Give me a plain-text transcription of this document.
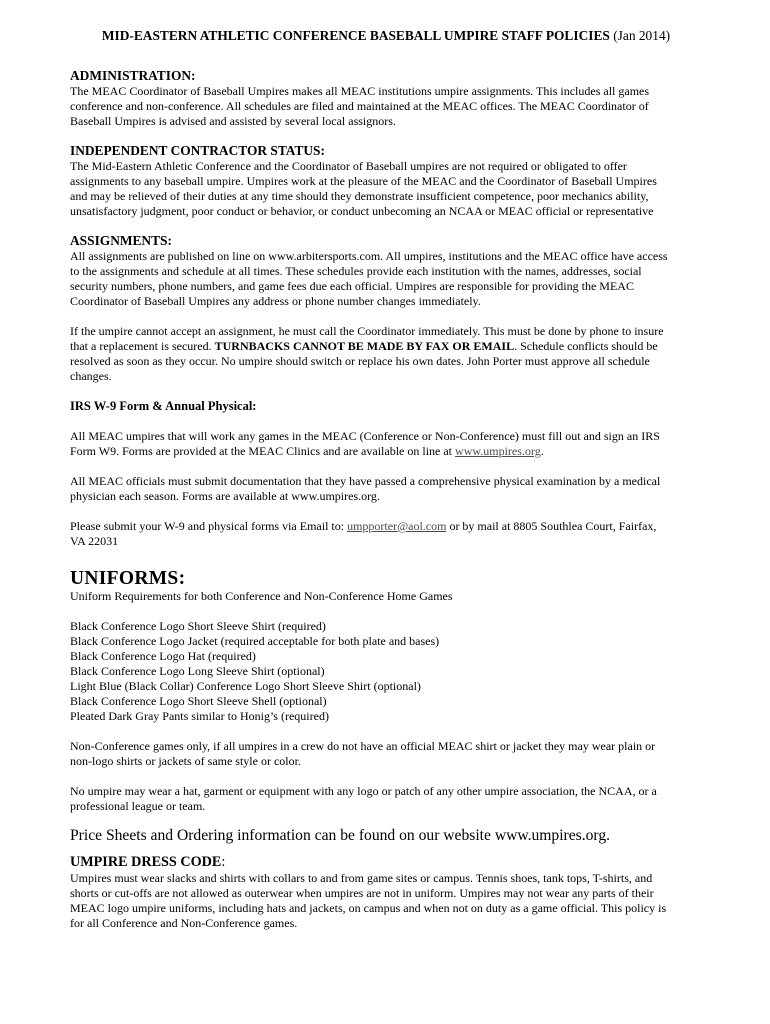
MID-EASTERN ATHLETIC CONFERENCE BASEBALL UMPIRE STAFF POLICIES (Jan 2014)
ADMINISTRATION:

The MEAC Coordinator of Baseball Umpires makes all MEAC institutions umpire assignments. This includes all games

conference and non-conference. All schedules are filed and maintained at the MEAC offices. The MEAC Coordinator of

Baseball Umpires is advised and assisted by several local assignors.

INDEPENDENT CONTRACTOR STATUS:

The Mid-Eastern Athletic Conference and the Coordinator of Baseball umpires are not required or obligated to offer

assignments to any baseball umpire. Umpires work at the pleasure of the MEAC and the Coordinator of Baseball Umpires

and may be relieved of their duties at any time should they demonstrate insufficient competence, poor mechanics ability,

unsatisfactory judgment, poor conduct or behavior, or conduct unbecoming an NCAA or MEAC official or representative

ASSIGNMENTS:

All assignments are published on line on www.arbitersports.com. All umpires, institutions and the MEAC office have access

to the assignments and schedule at all times. These schedules provide each institution with the names, addresses, social

security numbers, phone numbers, and game fees due each official. Umpires are responsible for providing the MEAC

Coordinator of Baseball Umpires any address or phone number changes immediately.

If the umpire cannot accept an assignment, he must call the Coordinator immediately. This must be done by phone to insure

that a replacement is secured. TURNBACKS CANNOT BE MADE BY FAX OR EMAIL. Schedule conflicts should be

resolved as soon as they occur. No umpire should switch or replace his own dates. John Porter must approve all schedule

changes.

IRS W-9 Form & Annual Physical:

All MEAC umpires that will work any games in the MEAC (Conference or Non-Conference) must fill out and sign an IRS

Form W9. Forms are provided at the MEAC Clinics and are available on line at www.umpires.org.

All MEAC officials must submit documentation that they have passed a comprehensive physical examination by a medical

physician each season. Forms are available at www.umpires.org.

Please submit your W-9 and physical forms via Email to: umpporter@aol.com or by mail at 8805 Southlea Court, Fairfax,

VA 22031

UNIFORMS:

Uniform Requirements for both Conference and Non-Conference Home Games

Black Conference Logo Short Sleeve Shirt (required)

Black Conference Logo Jacket (required acceptable for both plate and bases)

Black Conference Logo Hat (required)

Black Conference Logo Long Sleeve Shirt (optional)

Light Blue (Black Collar) Conference Logo Short Sleeve Shirt (optional)

Black Conference Logo Short Sleeve Shell (optional)

Pleated Dark Gray Pants similar to Honig’s (required)

Non-Conference games only, if all umpires in a crew do not have an official MEAC shirt or jacket they may wear plain or

non-logo shirts or jackets of same style or color.

No umpire may wear a hat, garment or equipment with any logo or patch of any other umpire association, the NCAA, or a

professional league or team.

Price Sheets and Ordering information can be found on our website www.umpires.org.

UMPIRE DRESS CODE:

Umpires must wear slacks and shirts with collars to and from game sites or campus. Tennis shoes, tank tops, T-shirts, and

shorts or cut-offs are not allowed as outerwear when umpires are not in uniform. Umpires may not wear any parts of their

MEAC logo umpire uniforms, including hats and jackets, on campus and when not on duty as a game official. This policy is

for all Conference and Non-Conference games.
